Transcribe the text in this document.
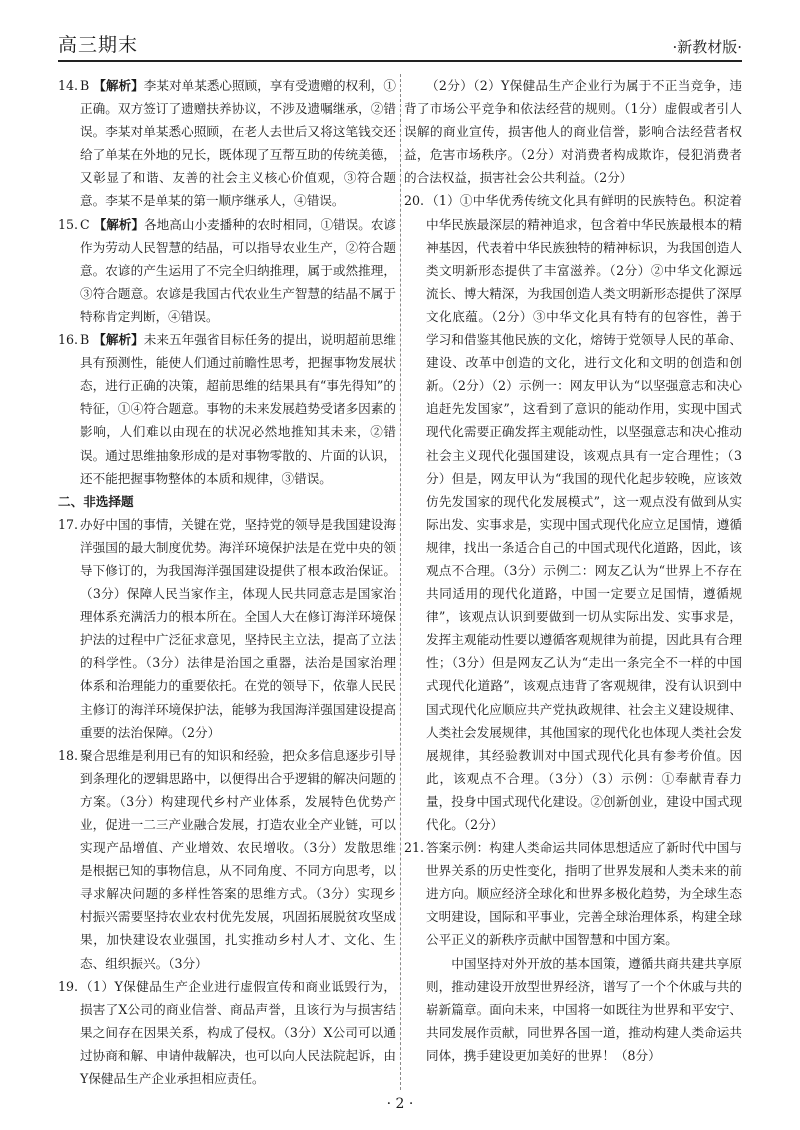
高三期末	·新教材版·
14. B 【解析】李某对单某悉心照顾，享有受遗赠的权利，①正确。双方签订了遗赠扶养协议，不涉及遗嘱继承，②错误。李某对单某悉心照顾，在老人去世后又将这笔钱交还给了单某在外地的兄长，既体现了互帮互助的传统美德，又彰显了和谐、友善的社会主义核心价值观，③符合题意。李某不是单某的第一顺序继承人，④错误。
15. C 【解析】各地高山小麦播种的农时相同，①错误。农谚作为劳动人民智慧的结晶，可以指导农业生产，②符合题意。农谚的产生运用了不完全归纳推理，属于或然推理，③符合题意。农谚是我国古代农业生产智慧的结晶不属于特称肯定判断，④错误。
16. B 【解析】未来五年强省目标任务的提出，说明超前思维具有预测性，能使人们通过前瞻性思考，把握事物发展状态，进行正确的决策，超前思维的结果具有“事先得知”的特征，①④符合题意。事物的未来发展趋势受诸多因素的影响，人们难以由现在的状况必然地推知其未来，②错误。通过思维抽象形成的是对事物零散的、片面的认识，还不能把握事物整体的本质和规律，③错误。

二、非选择题

17. 办好中国的事情，关键在党，坚持党的领导是我国建设海洋强国的最大制度优势。海洋环境保护法是在党中央的领导下修订的，为我国海洋强国建设提供了根本政治保证。（3分）保障人民当家作主，体现人民共同意志是国家治理体系充满活力的根本所在。全国人大在修订海洋环境保护法的过程中广泛征求意见，坚持民主立法，提高了立法的科学性。（3分）法律是治国之重器，法治是国家治理体系和治理能力的重要依托。在党的领导下，依靠人民民主修订的海洋环境保护法，能够为我国海洋强国建设提高重要的法治保障。（2分）
18. 聚合思维是利用已有的知识和经验，把众多信息逐步引导到条理化的逻辑思路中，以便得出合乎逻辑的解决问题的方案。（3分）构建现代乡村产业体系，发展特色优势产业，促进一二三产业融合发展，打造农业全产业链，可以实现产品增值、产业增效、农民增收。（3分）发散思维是根据已知的事物信息，从不同角度、不同方向思考，以寻求解决问题的多样性答案的思维方式。（3分）实现乡村振兴需要坚持农业农村优先发展，巩固拓展脱贫攻坚成果，加快建设农业强国，扎实推动乡村人才、文化、生态、组织振兴。（3分）
19. （1）Y保健品生产企业进行虚假宣传和商业诋毁行为，损害了X公司的商业信誉、商品声誉，且该行为与损害结果之间存在因果关系，构成了侵权。（3分）X公司可以通过协商和解、申请仲裁解决，也可以向人民法院起诉，由Y保健品生产企业承担相应责任。
（2分）（2）Y保健品生产企业行为属于不正当竞争，违背了市场公平竞争和依法经营的规则。（1分）虚假或者引人误解的商业宣传，损害他人的商业信誉，影响合法经营者权益，危害市场秩序。（2分）对消费者构成欺诈，侵犯消费者的合法权益，损害社会公共利益。（2分）
20. （1）①中华优秀传统文化具有鲜明的民族特色。积淀着中华民族最深层的精神追求，包含着中华民族最根本的精神基因，代表着中华民族独特的精神标识，为我国创造人类文明新形态提供了丰富滋养。（2分）②中华文化源远流长、博大精深，为我国创造人类文明新形态提供了深厚文化底蕴。（2分）③中华文化具有特有的包容性，善于学习和借鉴其他民族的文化，熔铸于党领导人民的革命、建设、改革中创造的文化，进行文化和文明的创造和创新。（2分）（2）示例一：网友甲认为“以坚强意志和决心追赶先发国家”，这看到了意识的能动作用，实现中国式现代化需要正确发挥主观能动性，以坚强意志和决心推动社会主义现代化强国建设，该观点具有一定合理性；（3分）但是，网友甲认为“我国的现代化起步较晚，应该效仿先发国家的现代化发展模式”，这一观点没有做到从实际出发、实事求是，实现中国式现代化应立足国情，遵循规律，找出一条适合自己的中国式现代化道路，因此，该观点不合理。（3分）示例二：网友乙认为“世界上不存在共同适用的现代化道路，中国一定要立足国情，遵循规律”，该观点认识到要做到一切从实际出发、实事求是，发挥主观能动性要以遵循客观规律为前提，因此具有合理性；（3分）但是网友乙认为“走出一条完全不一样的中国式现代化道路”，该观点违背了客观规律，没有认识到中国式现代化应顺应共产党执政规律、社会主义建设规律、人类社会发展规律，其他国家的现代化也体现人类社会发展规律，其经验教训对中国式现代化具有参考价值。因此，该观点不合理。（3分）（3）示例：①奉献青春力量，投身中国式现代化建设。②创新创业，建设中国式现代化。（2分）
21. 答案示例：构建人类命运共同体思想适应了新时代中国与世界关系的历史性变化，指明了世界发展和人类未来的前进方向。顺应经济全球化和世界多极化趋势，为全球生态文明建设，国际和平事业，完善全球治理体系，构建全球公平正义的新秩序贡献中国智慧和中国方案。

中国坚持对外开放的基本国策，遵循共商共建共享原则，推动建设开放型世界经济，谱写了一个个休戚与共的崭新篇章。面向未来，中国将一如既往为世界和平安宁、共同发展作贡献，同世界各国一道，推动构建人类命运共同体，携手建设更加美好的世界！（8分）

· 2 ·
